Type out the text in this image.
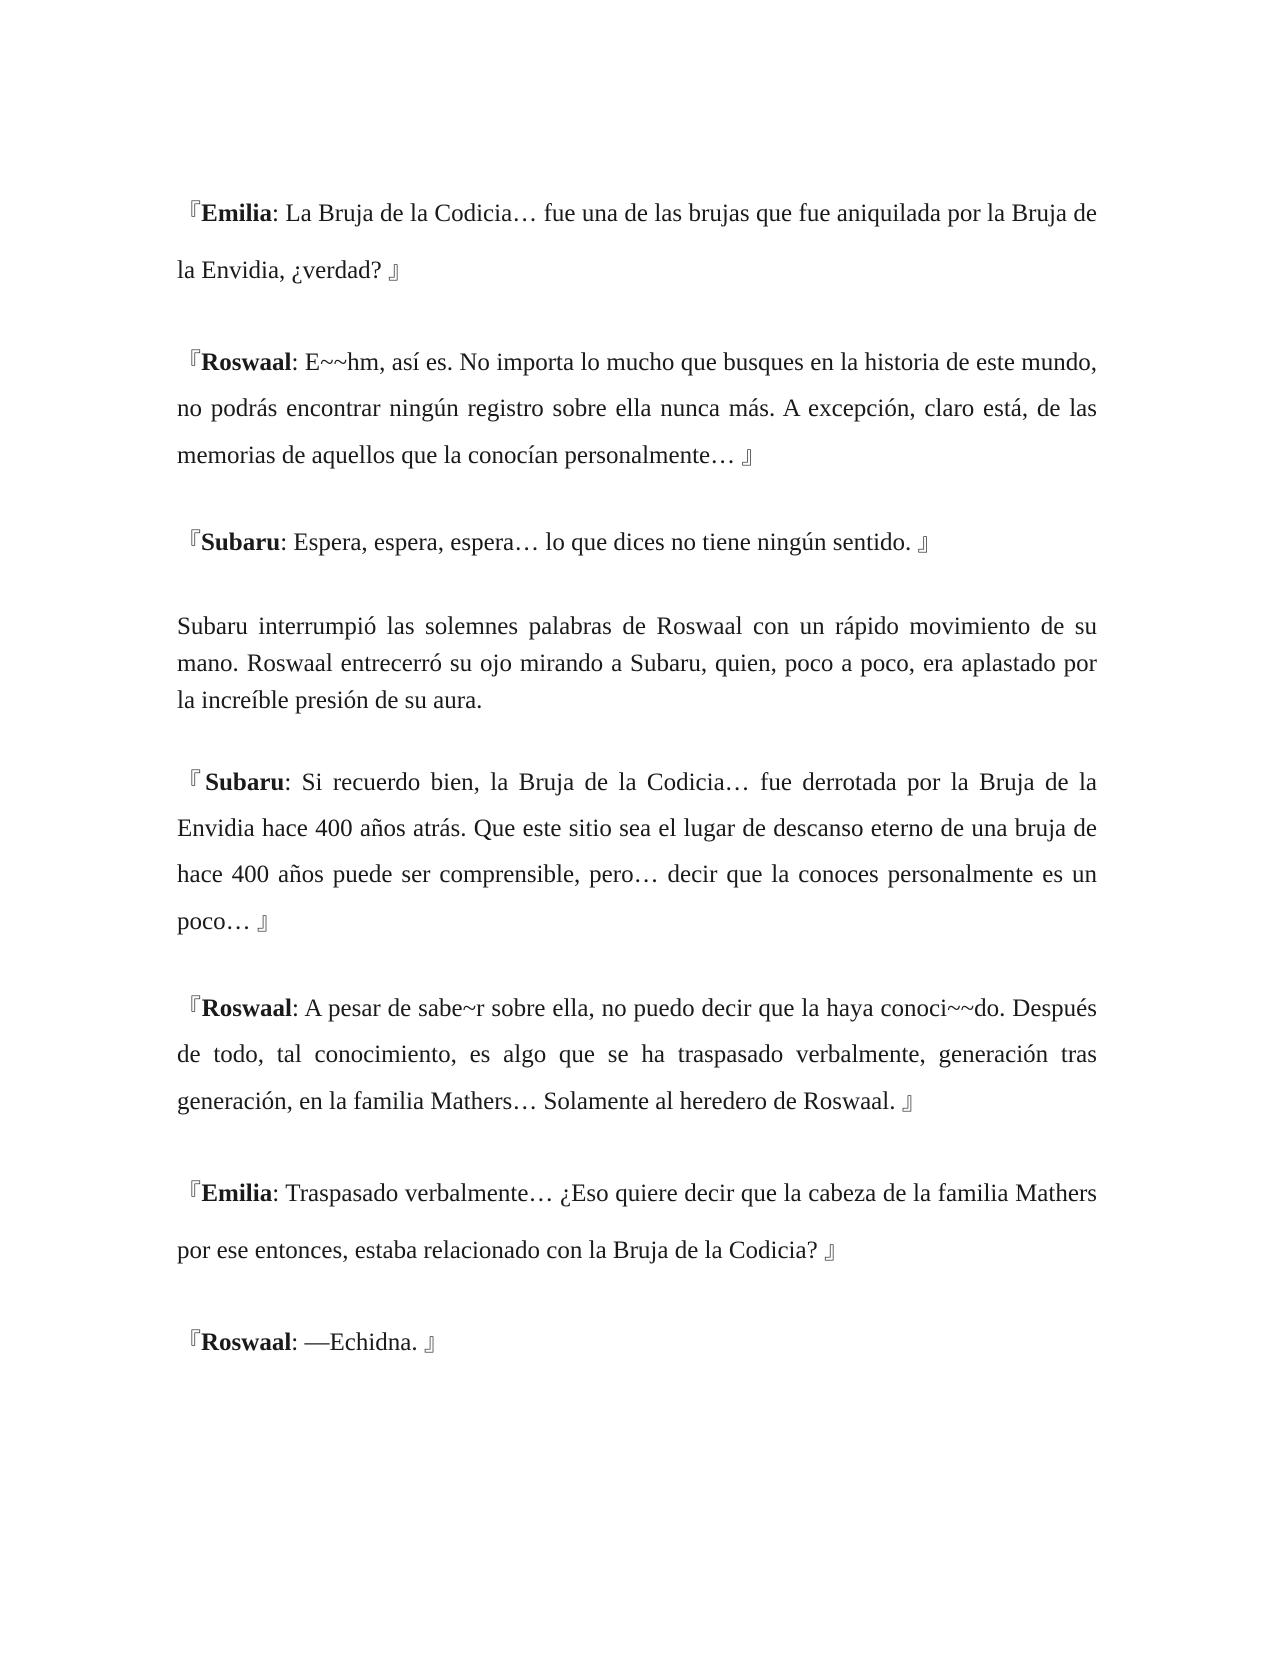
『Emilia: La Bruja de la Codicia… fue una de las brujas que fue aniquilada por la Bruja de la Envidia, ¿verdad? 』

『Roswaal: E~~hm, así es. No importa lo mucho que busques en la historia de este mundo, no podrás encontrar ningún registro sobre ella nunca más. A excepción, claro está, de las memorias de aquellos que la conocían personalmente… 』

『Subaru: Espera, espera, espera… lo que dices no tiene ningún sentido. 』

Subaru interrumpió las solemnes palabras de Roswaal con un rápido movimiento de su mano. Roswaal entrecerró su ojo mirando a Subaru, quien, poco a poco, era aplastado por la increíble presión de su aura.

『Subaru: Si recuerdo bien, la Bruja de la Codicia… fue derrotada por la Bruja de la Envidia hace 400 años atrás. Que este sitio sea el lugar de descanso eterno de una bruja de hace 400 años puede ser comprensible, pero… decir que la conoces personalmente es un poco… 』

『Roswaal: A pesar de sabe~r sobre ella, no puedo decir que la haya conoci~~do. Después de todo, tal conocimiento, es algo que se ha traspasado verbalmente, generación tras generación, en la familia Mathers… Solamente al heredero de Roswaal. 』

『Emilia: Traspasado verbalmente… ¿Eso quiere decir que la cabeza de la familia Mathers por ese entonces, estaba relacionado con la Bruja de la Codicia? 』

『Roswaal: —Echidna. 』
